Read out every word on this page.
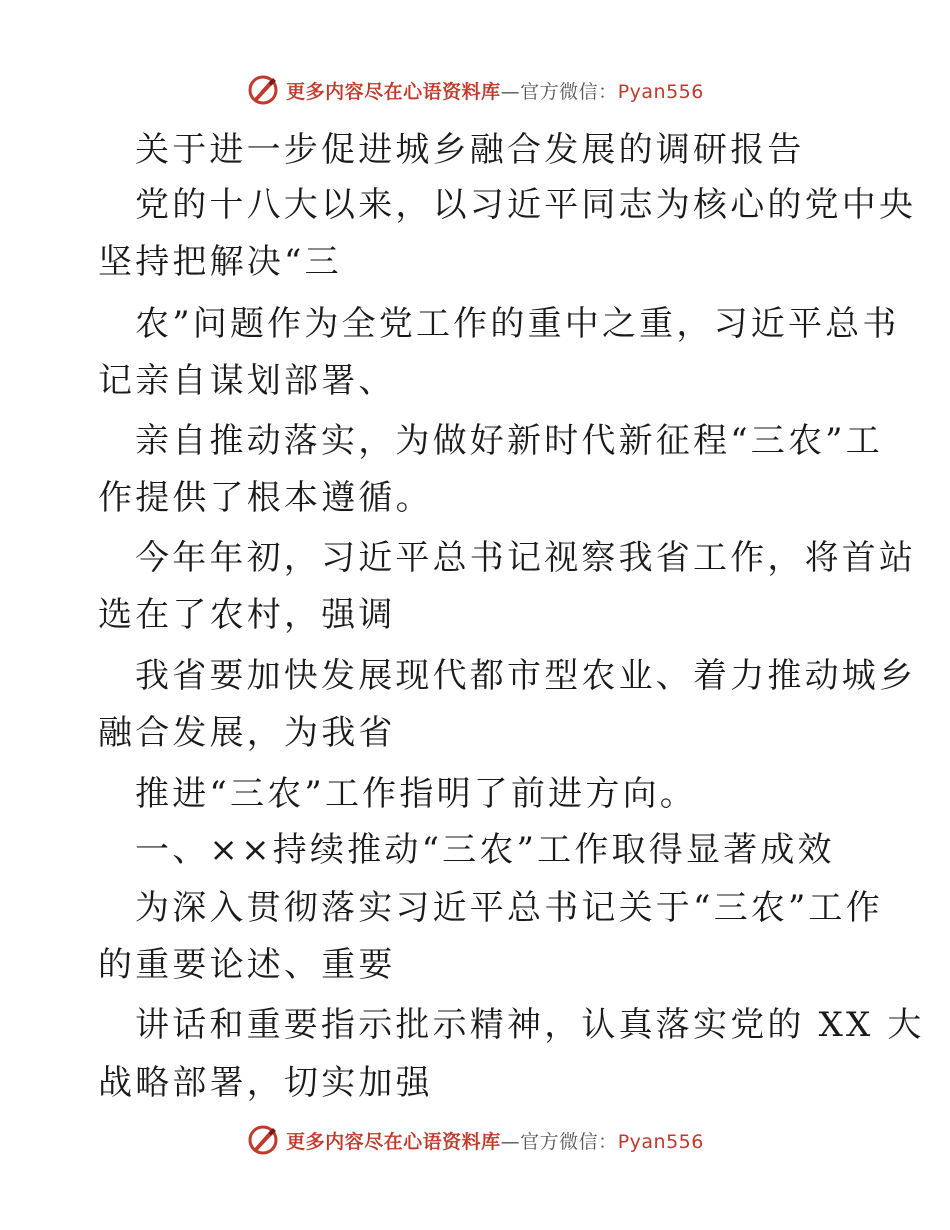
更多内容尽在心语资料库—官方微信：Pyan556
关于进一步促进城乡融合发展的调研报告
党的十八大以来，以习近平同志为核心的党中央
坚持把解决“三
农”问题作为全党工作的重中之重，习近平总书
记亲自谋划部署、
亲自推动落实，为做好新时代新征程“三农”工
作提供了根本遵循。
今年年初，习近平总书记视察我省工作，将首站
选在了农村，强调
我省要加快发展现代都市型农业、着力推动城乡
融合发展，为我省
推进“三农”工作指明了前进方向。
一、××持续推动“三农”工作取得显著成效
为深入贯彻落实习近平总书记关于“三农”工作
的重要论述、重要
讲话和重要指示批示精神，认真落实党的 XX 大
战略部署，切实加强
更多内容尽在心语资料库—官方微信：Pyan556
